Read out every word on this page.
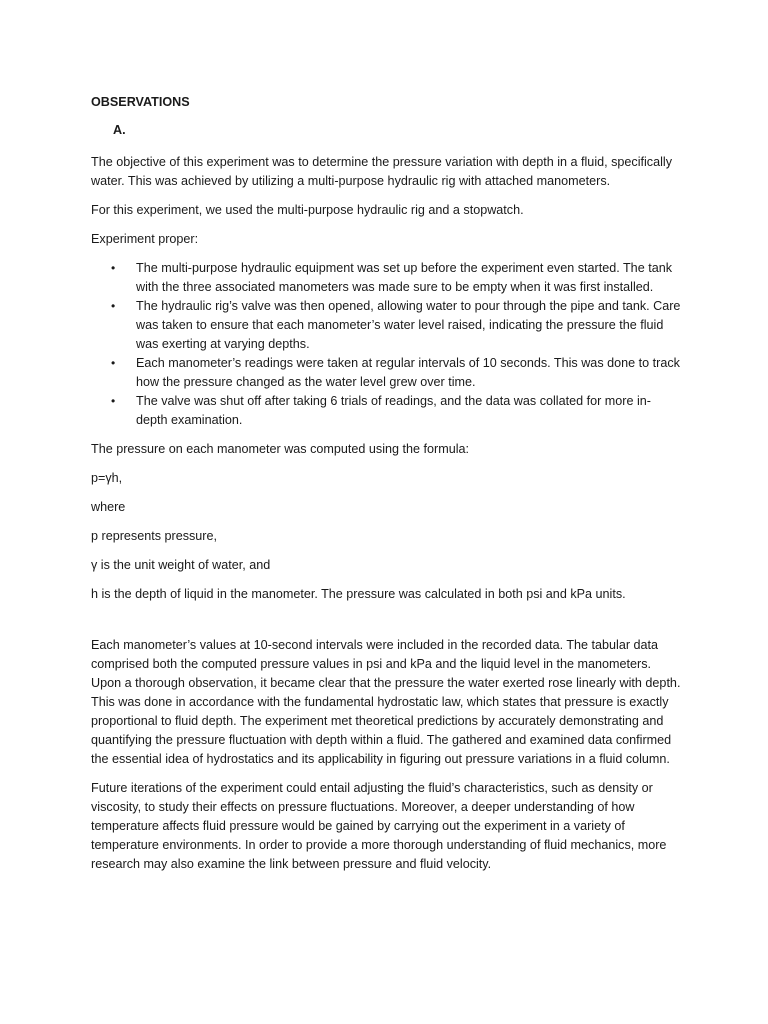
OBSERVATIONS
A.

The objective of this experiment was to determine the pressure variation with depth in a fluid, specifically water. This was achieved by utilizing a multi-purpose hydraulic rig with attached manometers.

For this experiment, we used the multi-purpose hydraulic rig and a stopwatch.

Experiment proper:

• The multi-purpose hydraulic equipment was set up before the experiment even started. The tank with the three associated manometers was made sure to be empty when it was first installed.
• The hydraulic rig’s valve was then opened, allowing water to pour through the pipe and tank. Care was taken to ensure that each manometer’s water level raised, indicating the pressure the fluid was exerting at varying depths.
• Each manometer’s readings were taken at regular intervals of 10 seconds. This was done to track how the pressure changed as the water level grew over time.
• The valve was shut off after taking 6 trials of readings, and the data was collated for more in-depth examination.

The pressure on each manometer was computed using the formula:

p=γh,

where

p represents pressure,

γ is the unit weight of water, and

h is the depth of liquid in the manometer. The pressure was calculated in both psi and kPa units.

Each manometer’s values at 10-second intervals were included in the recorded data. The tabular data comprised both the computed pressure values in psi and kPa and the liquid level in the manometers. Upon a thorough observation, it became clear that the pressure the water exerted rose linearly with depth. This was done in accordance with the fundamental hydrostatic law, which states that pressure is exactly proportional to fluid depth. The experiment met theoretical predictions by accurately demonstrating and quantifying the pressure fluctuation with depth within a fluid. The gathered and examined data confirmed the essential idea of hydrostatics and its applicability in figuring out pressure variations in a fluid column.

Future iterations of the experiment could entail adjusting the fluid’s characteristics, such as density or viscosity, to study their effects on pressure fluctuations. Moreover, a deeper understanding of how temperature affects fluid pressure would be gained by carrying out the experiment in a variety of temperature environments. In order to provide a more thorough understanding of fluid mechanics, more research may also examine the link between pressure and fluid velocity.
